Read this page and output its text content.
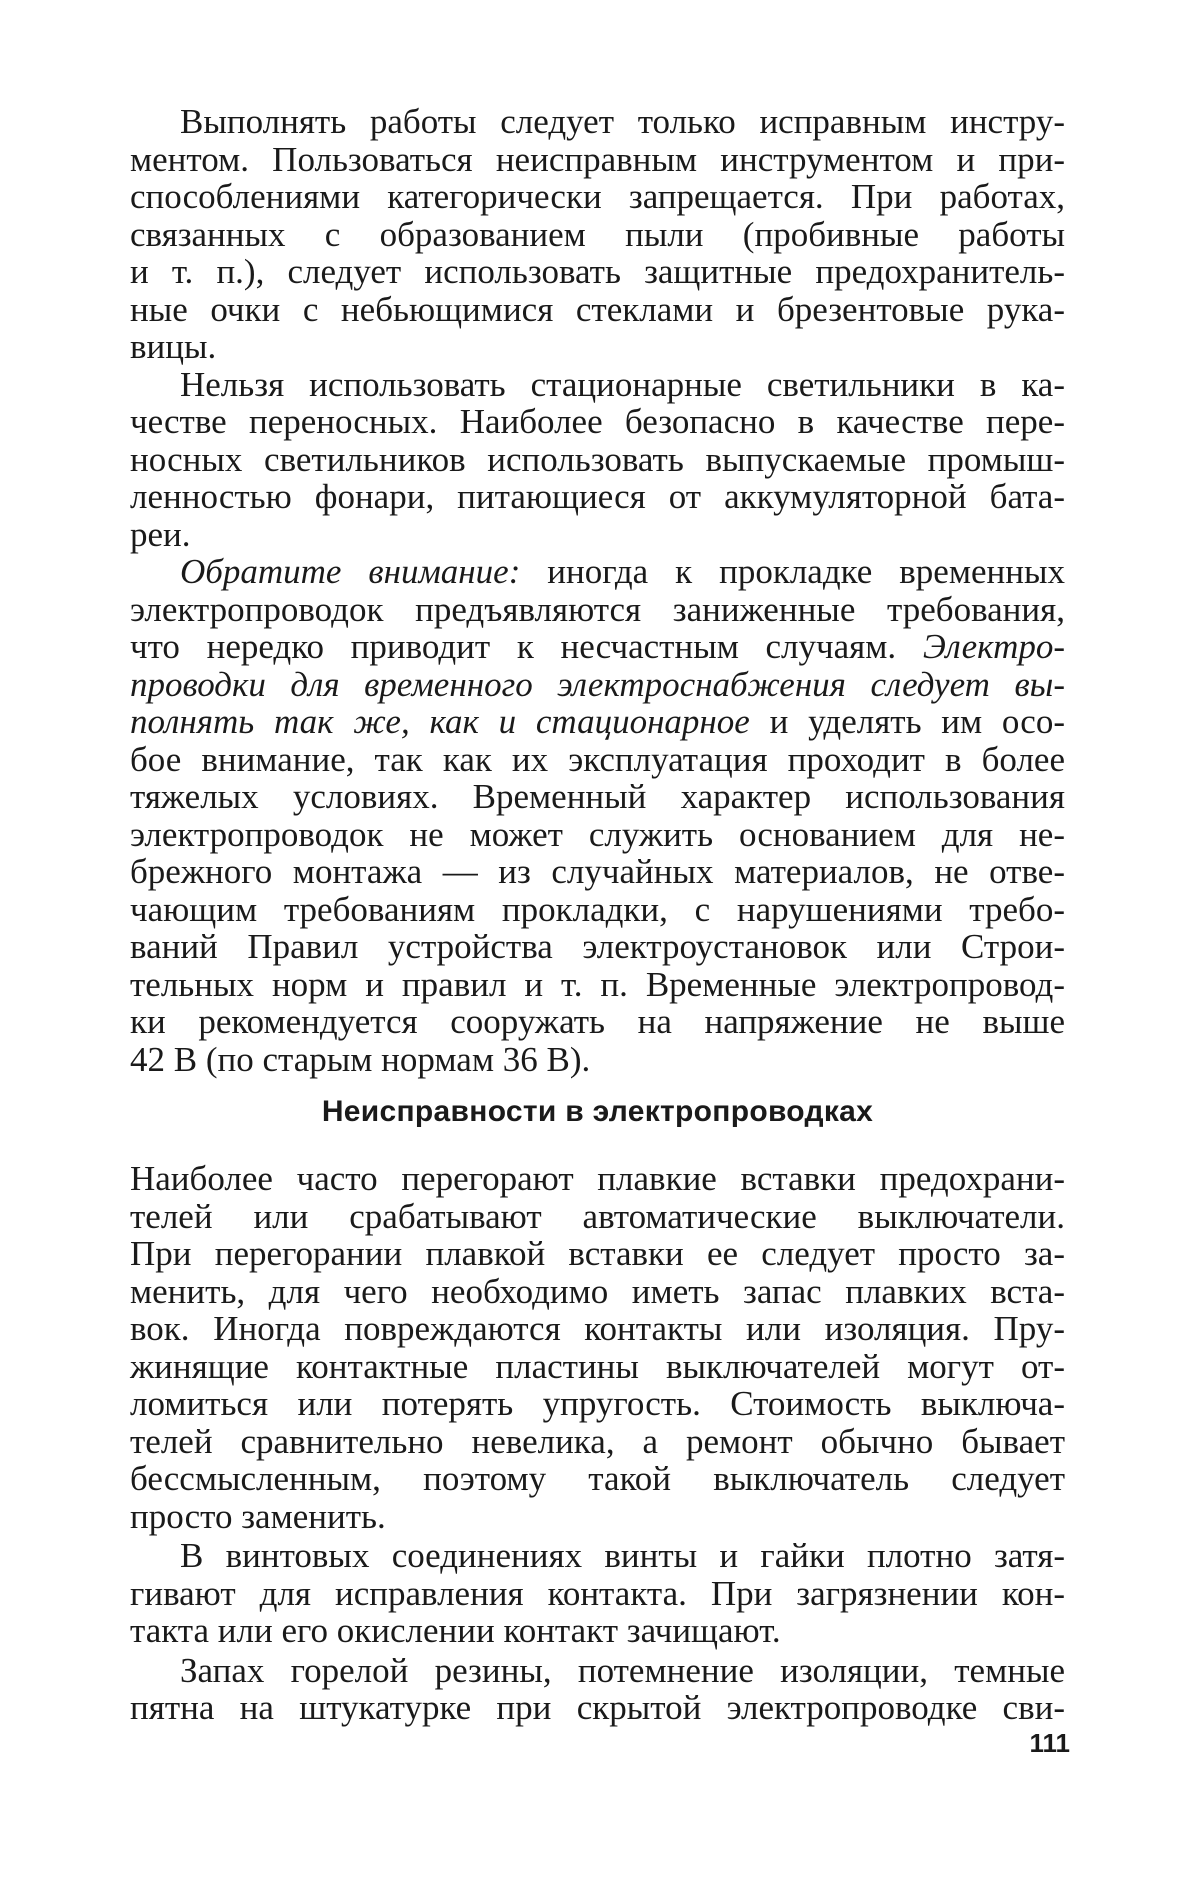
Выполнять работы следует только исправным инстру-
ментом. Пользоваться неисправным инструментом и при-
способлениями категорически запрещается. При работах,
связанных с образованием пыли (пробивные работы
и т. п.), следует использовать защитные предохранитель-
ные очки с небьющимися стеклами и брезентовые рука-
вицы.
Нельзя использовать стационарные светильники в ка-
честве переносных. Наиболее безопасно в качестве пере-
носных светильников использовать выпускаемые промыш-
ленностью фонари, питающиеся от аккумуляторной бата-
реи.
Обратите внимание: иногда к прокладке временных
электропроводок предъявляются заниженные требования,
что нередко приводит к несчастным случаям. Электро-
проводки для временного электроснабжения следует вы-
полнять так же, как и стационарное и уделять им осо-
бое внимание, так как их эксплуатация проходит в более
тяжелых условиях. Временный характер использования
электропроводок не может служить основанием для не-
брежного монтажа — из случайных материалов, не отве-
чающим требованиям прокладки, с нарушениями требо-
ваний Правил устройства электроустановок или Строи-
тельных норм и правил и т. п. Временные электропровод-
ки рекомендуется сооружать на напряжение не выше
42 В (по старым нормам 36 В).
Неисправности в электропроводках
Наиболее часто перегорают плавкие вставки предохрани-
телей или срабатывают автоматические выключатели.
При перегорании плавкой вставки ее следует просто за-
менить, для чего необходимо иметь запас плавких вста-
вок. Иногда повреждаются контакты или изоляция. Пру-
жинящие контактные пластины выключателей могут от-
ломиться или потерять упругость. Стоимость выключа-
телей сравнительно невелика, а ремонт обычно бывает
бессмысленным, поэтому такой выключатель следует
просто заменить.
В винтовых соединениях винты и гайки плотно затя-
гивают для исправления контакта. При загрязнении кон-
такта или его окислении контакт зачищают.
Запах горелой резины, потемнение изоляции, темные
пятна на штукатурке при скрытой электропроводке сви-
111
